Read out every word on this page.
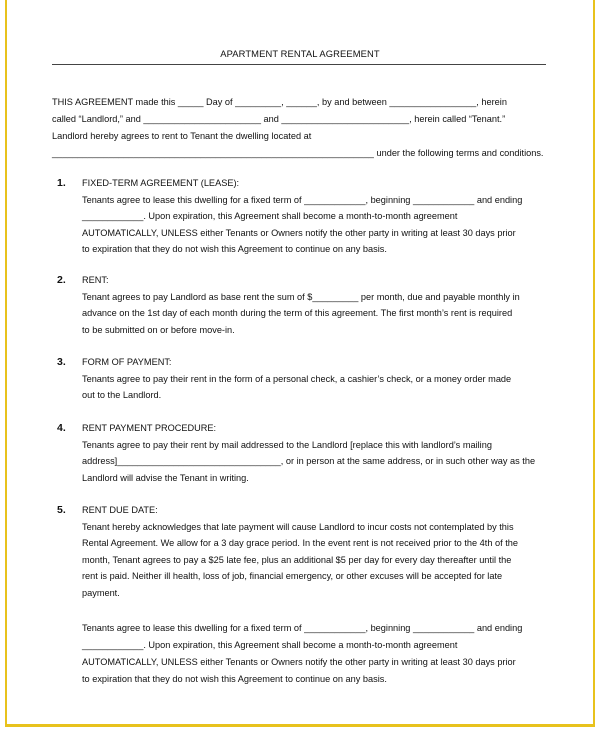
APARTMENT RENTAL AGREEMENT
THIS AGREEMENT made this _____ Day of _________, ______, by and between _________________, herein
called “Landlord,” and _______________________ and _________________________, herein called “Tenant.”
Landlord hereby agrees to rent to Tenant the dwelling located at
_______________________________________________________________ under the following terms and conditions.
1. FIXED-TERM AGREEMENT (LEASE):
Tenants agree to lease this dwelling for a fixed term of ____________, beginning ____________ and ending
____________. Upon expiration, this Agreement shall become a month-to-month agreement
AUTOMATICALLY, UNLESS either Tenants or Owners notify the other party in writing at least 30 days prior
to expiration that they do not wish this Agreement to continue on any basis.
2. RENT:
Tenant agrees to pay Landlord as base rent the sum of $_________ per month, due and payable monthly in
advance on the 1st day of each month during the term of this agreement. The first month’s rent is required
to be submitted on or before move-in.
3. FORM OF PAYMENT:
Tenants agree to pay their rent in the form of a personal check, a cashier’s check, or a money order made
out to the Landlord.
4. RENT PAYMENT PROCEDURE:
Tenants agree to pay their rent by mail addressed to the Landlord [replace this with landlord’s mailing
address]________________________________, or in person at the same address, or in such other way as the
Landlord will advise the Tenant in writing.
5. RENT DUE DATE:
Tenant hereby acknowledges that late payment will cause Landlord to incur costs not contemplated by this
Rental Agreement. We allow for a 3 day grace period. In the event rent is not received prior to the 4th of the
month, Tenant agrees to pay a $25 late fee, plus an additional $5 per day for every day thereafter until the
rent is paid. Neither ill health, loss of job, financial emergency, or other excuses will be accepted for late
payment.
Tenants agree to lease this dwelling for a fixed term of ____________, beginning ____________ and ending
____________. Upon expiration, this Agreement shall become a month-to-month agreement
AUTOMATICALLY, UNLESS either Tenants or Owners notify the other party in writing at least 30 days prior
to expiration that they do not wish this Agreement to continue on any basis.
